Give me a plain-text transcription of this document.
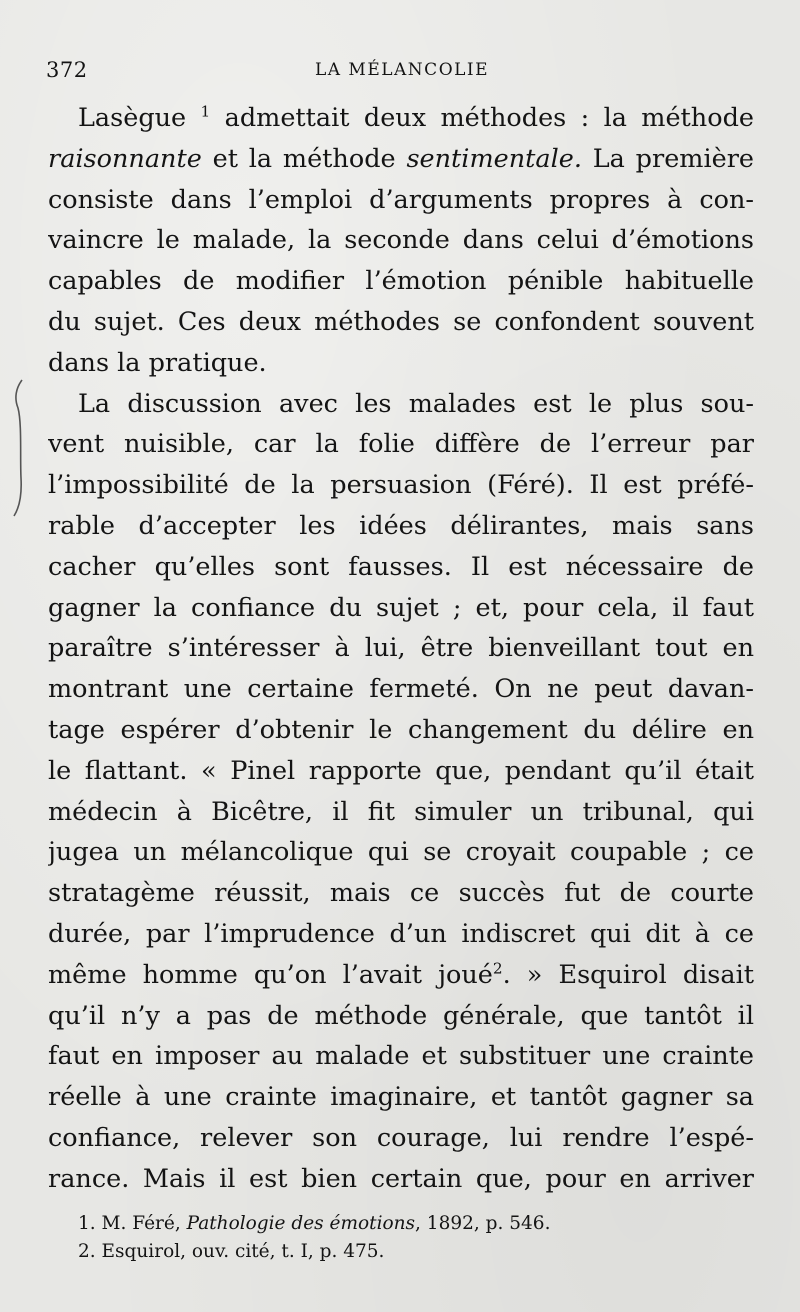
372	LA MÉLANCOLIE
Lasègue $^1$ admettait deux méthodes : la méthode
raisonnante et la méthode sentimentale. La première
consiste dans l’emploi d’arguments propres à con-
vaincre le malade, la seconde dans celui d’émotions
capables de modifier l’émotion pénible habituelle
du sujet. Ces deux méthodes se confondent souvent
dans la pratique.
La discussion avec les malades est le plus sou-
vent nuisible, car la folie diffère de l’erreur par
l’impossibilité de la persuasion (Féré). Il est préfé-
rable d’accepter les idées délirantes, mais sans
cacher qu’elles sont fausses. Il est nécessaire de
gagner la confiance du sujet ; et, pour cela, il faut
paraître s’intéresser à lui, être bienveillant tout en
montrant une certaine fermeté. On ne peut davan-
tage espérer d’obtenir le changement du délire en
le flattant. « Pinel rapporte que, pendant qu’il était
médecin à Bicêtre, il fit simuler un tribunal, qui
jugea un mélancolique qui se croyait coupable ; ce
stratagème réussit, mais ce succès fut de courte
durée, par l’imprudence d’un indiscret qui dit à ce
même homme qu’on l’avait joué$^2$. » Esquirol disait
qu’il n’y a pas de méthode générale, que tantôt il
faut en imposer au malade et substituer une crainte
réelle à une crainte imaginaire, et tantôt gagner sa
confiance, relever son courage, lui rendre l’espé-
rance. Mais il est bien certain que, pour en arriver
1. M. Féré, Pathologie des émotions, 1892, p. 546.
2. Esquirol, ouv. cité, t. I, p. 475.
